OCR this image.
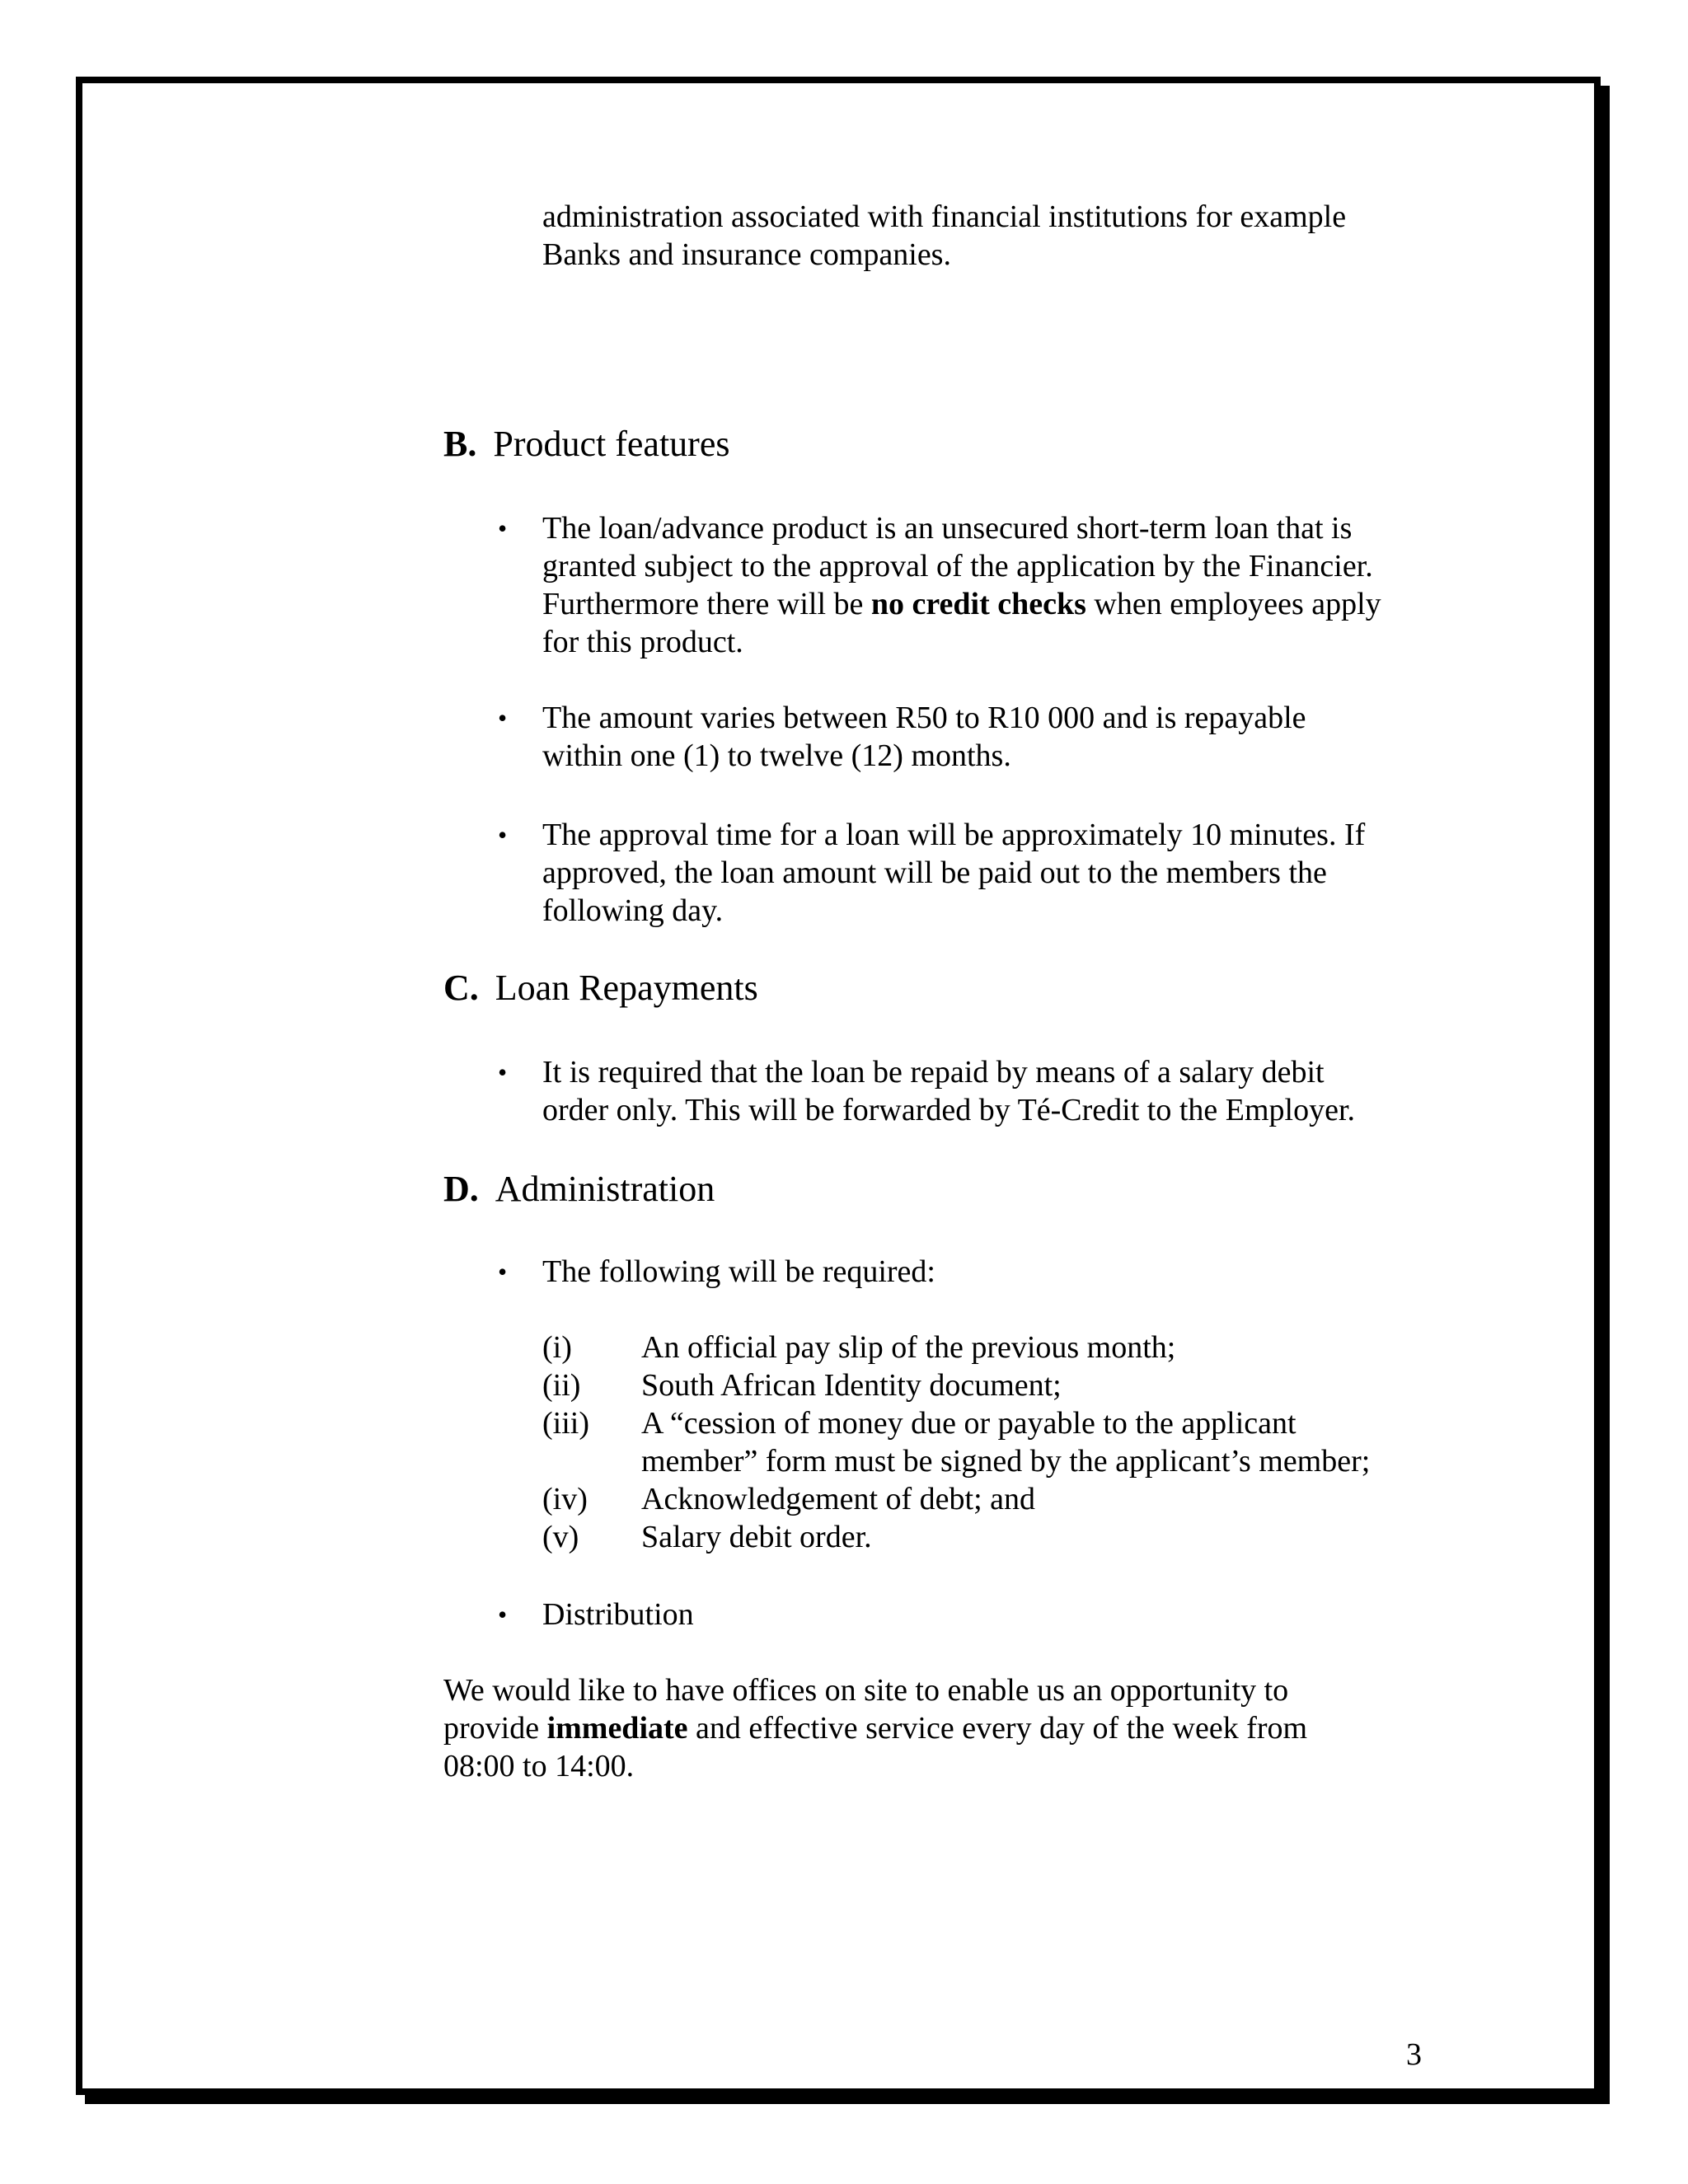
administration associated with financial institutions for example
Banks and insurance companies.
B. Product features
•	The loan/advance product is an unsecured short-term loan that is
granted subject to the approval of the application by the Financier.
Furthermore there will be no credit checks when employees apply
for this product.
•	The amount varies between R50 to R10 000 and is repayable
within one (1) to twelve (12) months.
•	The approval time for a loan will be approximately 10 minutes. If
approved, the loan amount will be paid out to the members the
following day.
C. Loan Repayments
•	It is required that the loan be repaid by means of a salary debit
order only. This will be forwarded by Té-Credit to the Employer.
D. Administration
•	The following will be required:
(i) An official pay slip of the previous month;
(ii) South African Identity document;
(iii) A “cession of money due or payable to the applicant
member” form must be signed by the applicant’s member;
(iv) Acknowledgement of debt; and
(v) Salary debit order.
•	Distribution
We would like to have offices on site to enable us an opportunity to
provide immediate and effective service every day of the week from
08:00 to 14:00.
3
